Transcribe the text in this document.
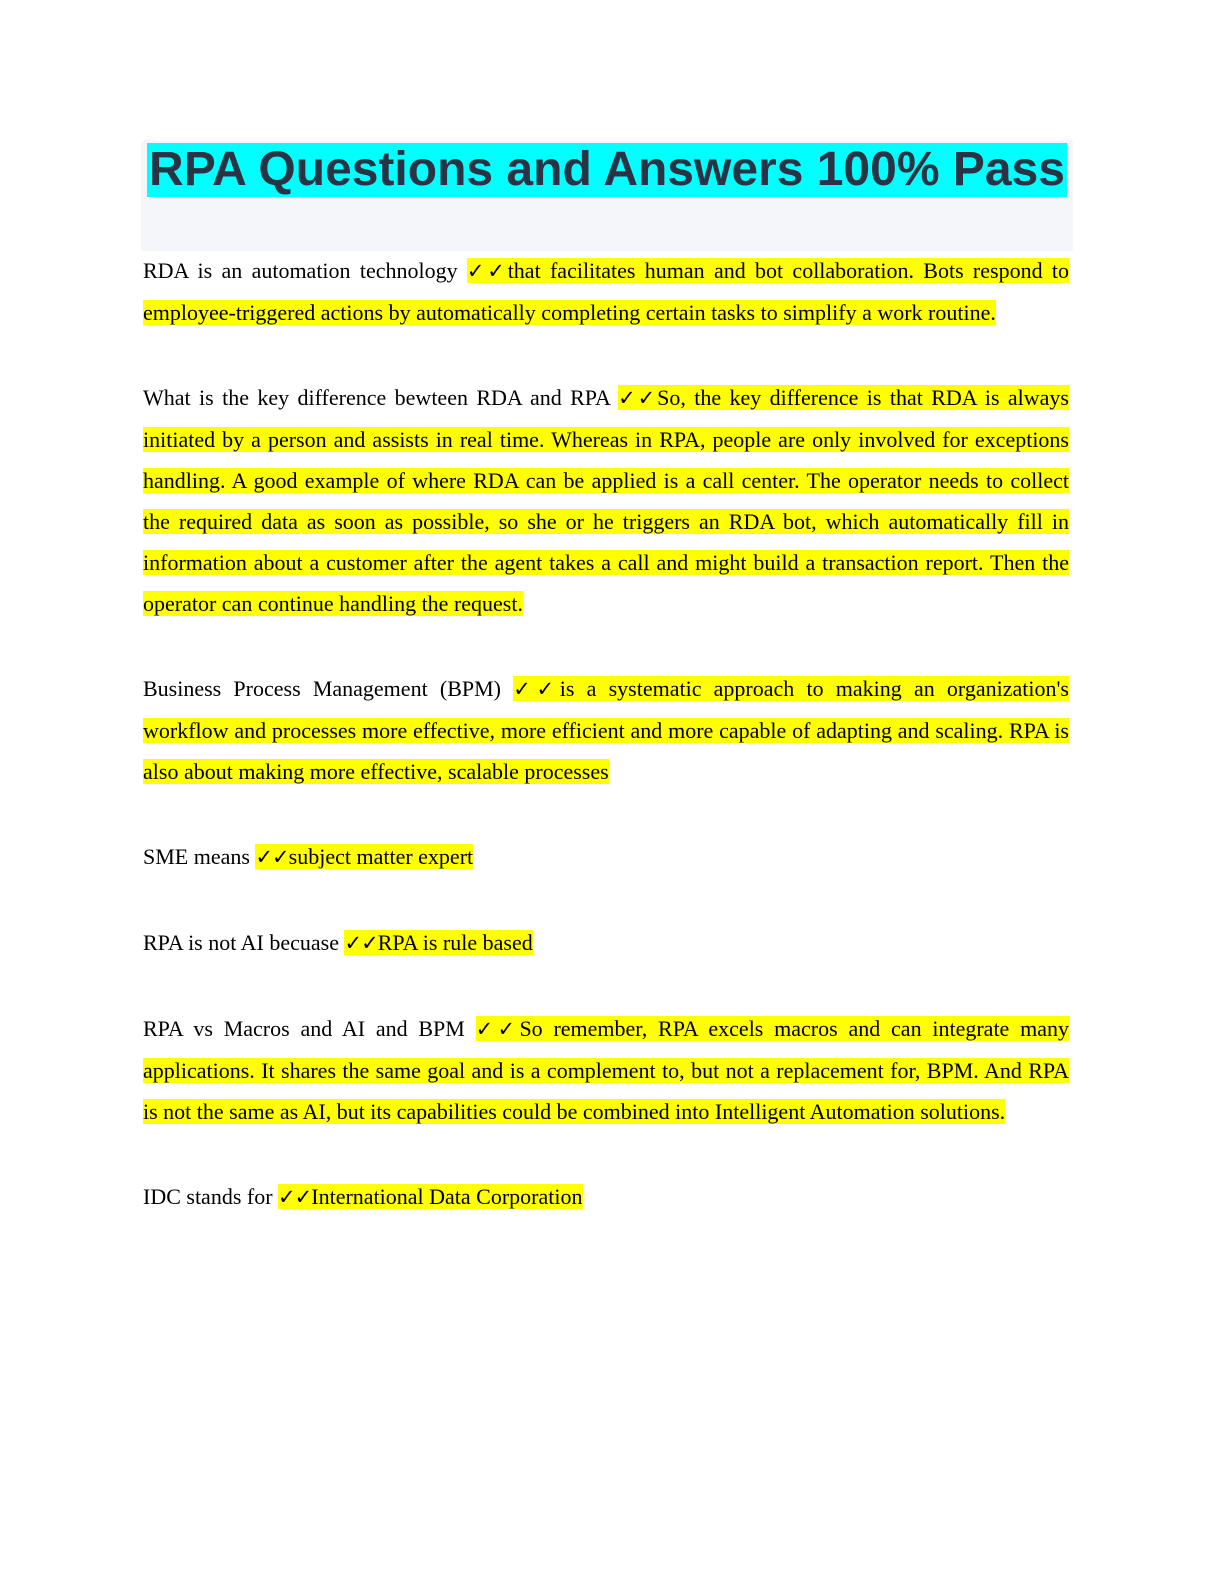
RPA Questions and Answers 100% Pass

RDA is an automation technology ✓✓that facilitates human and bot collaboration. Bots respond to employee-triggered actions by automatically completing certain tasks to simplify a work routine.

What is the key difference bewteen RDA and RPA ✓✓So, the key difference is that RDA is always initiated by a person and assists in real time. Whereas in RPA, people are only involved for exceptions handling. A good example of where RDA can be applied is a call center. The operator needs to collect the required data as soon as possible, so she or he triggers an RDA bot, which automatically fill in information about a customer after the agent takes a call and might build a transaction report. Then the operator can continue handling the request.

Business Process Management (BPM) ✓✓is a systematic approach to making an organization's workflow and processes more effective, more efficient and more capable of adapting and scaling. RPA is also about making more effective, scalable processes

SME means ✓✓subject matter expert

RPA is not AI becuase ✓✓RPA is rule based

RPA vs Macros and AI and BPM ✓✓So remember, RPA excels macros and can integrate many applications. It shares the same goal and is a complement to, but not a replacement for, BPM. And RPA is not the same as AI, but its capabilities could be combined into Intelligent Automation solutions.

IDC stands for ✓✓International Data Corporation
